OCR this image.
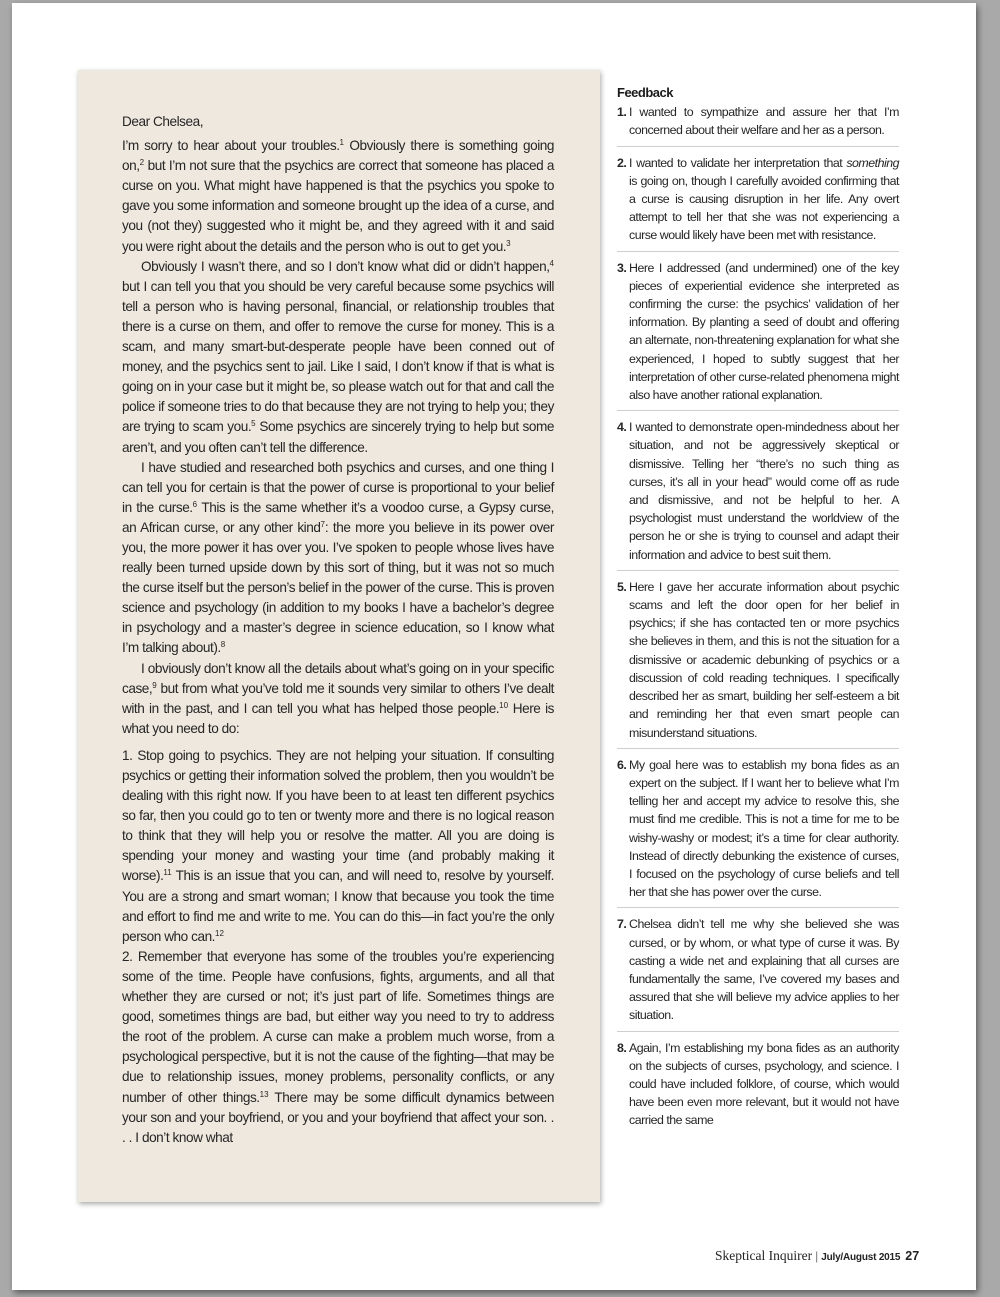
Dear Chelsea,

I’m sorry to hear about your troubles.$^1$ Obviously there is something going on,$^2$ but I’m not sure that the psychics are correct that someone has placed a curse on you. What might have happened is that the psychics you spoke to gave you some information and someone brought up the idea of a curse, and you (not they) suggested who it might be, and they agreed with it and said you were right about the details and the person who is out to get you.$^3$

Obviously I wasn’t there, and so I don’t know what did or didn’t happen,$^4$ but I can tell you that you should be very careful because some psychics will tell a person who is having personal, financial, or relationship troubles that there is a curse on them, and offer to remove the curse for money. This is a scam, and many smart-but-desperate people have been conned out of money, and the psychics sent to jail. Like I said, I don’t know if that is what is going on in your case but it might be, so please watch out for that and call the police if someone tries to do that because they are not trying to help you; they are trying to scam you.$^5$ Some psychics are sincerely trying to help but some aren’t, and you often can’t tell the difference.

I have studied and researched both psychics and curses, and one thing I can tell you for certain is that the power of curse is proportional to your belief in the curse.$^6$ This is the same whether it’s a voodoo curse, a Gypsy curse, an African curse, or any other kind$^7$: the more you believe in its power over you, the more power it has over you. I’ve spoken to people whose lives have really been turned upside down by this sort of thing, but it was not so much the curse itself but the person’s belief in the power of the curse. This is proven science and psychology (in addition to my books I have a bachelor’s degree in psychology and a master’s degree in science education, so I know what I’m talking about).$^8$

I obviously don’t know all the details about what’s going on in your specific case,$^9$ but from what you’ve told me it sounds very similar to others I’ve dealt with in the past, and I can tell you what has helped those people.$^{10}$ Here is what you need to do:

1. Stop going to psychics. They are not helping your situation. If consulting psychics or getting their information solved the problem, then you wouldn’t be dealing with this right now. If you have been to at least ten different psychics so far, then you could go to ten or twenty more and there is no logical reason to think that they will help you or resolve the matter. All you are doing is spending your money and wasting your time (and probably making it worse).$^{11}$ This is an issue that you can, and will need to, resolve by yourself. You are a strong and smart woman; I know that because you took the time and effort to find me and write to me. You can do this—in fact you’re the only person who can.$^{12}$

2. Remember that everyone has some of the troubles you’re experiencing some of the time. People have confusions, fights, arguments, and all that whether they are cursed or not; it’s just part of life. Sometimes things are good, sometimes things are bad, but either way you need to try to address the root of the problem. A curse can make a problem much worse, from a psychological perspective, but it is not the cause of the fighting—that may be due to relationship issues, money problems, personality conflicts, or any number of other things.$^{13}$ There may be some difficult dynamics between your son and your boyfriend, or you and your boyfriend that affect your son. . . . I don’t know what

Feedback
1. I wanted to sympathize and assure her that I’m concerned about their welfare and her as a person.

2. I wanted to validate her interpretation that something is going on, though I carefully avoided confirming that a curse is causing disruption in her life. Any overt attempt to tell her that she was not experiencing a curse would likely have been met with resistance.

3. Here I addressed (and undermined) one of the key pieces of experiential evidence she interpreted as confirming the curse: the psychics’ validation of her information. By planting a seed of doubt and offering an alternate, non-threatening explanation for what she experienced, I hoped to subtly suggest that her interpretation of other curse-related phenomena might also have another rational explanation.

4. I wanted to demonstrate open-mindedness about her situation, and not be aggressively skeptical or dismissive. Telling her “there’s no such thing as curses, it’s all in your head” would come off as rude and dismissive, and not be helpful to her. A psychologist must understand the worldview of the person he or she is trying to counsel and adapt their information and advice to best suit them.

5. Here I gave her accurate information about psychic scams and left the door open for her belief in psychics; if she has contacted ten or more psychics she believes in them, and this is not the situation for a dismissive or academic debunking of psychics or a discussion of cold reading techniques. I specifically described her as smart, building her self-esteem a bit and reminding her that even smart people can misunderstand situations.

6. My goal here was to establish my bona fides as an expert on the subject. If I want her to believe what I’m telling her and accept my advice to resolve this, she must find me credible. This is not a time for me to be wishy-washy or modest; it’s a time for clear authority. Instead of directly debunking the existence of curses, I focused on the psychology of curse beliefs and tell her that she has power over the curse.

7. Chelsea didn’t tell me why she believed she was cursed, or by whom, or what type of curse it was. By casting a wide net and explaining that all curses are fundamentally the same, I’ve covered my bases and assured that she will believe my advice applies to her situation.

8. Again, I’m establishing my bona fides as an authority on the subjects of curses, psychology, and science. I could have included folklore, of course, which would have been even more relevant, but it would not have carried the same

Skeptical Inquirer | July/August 2015 27
